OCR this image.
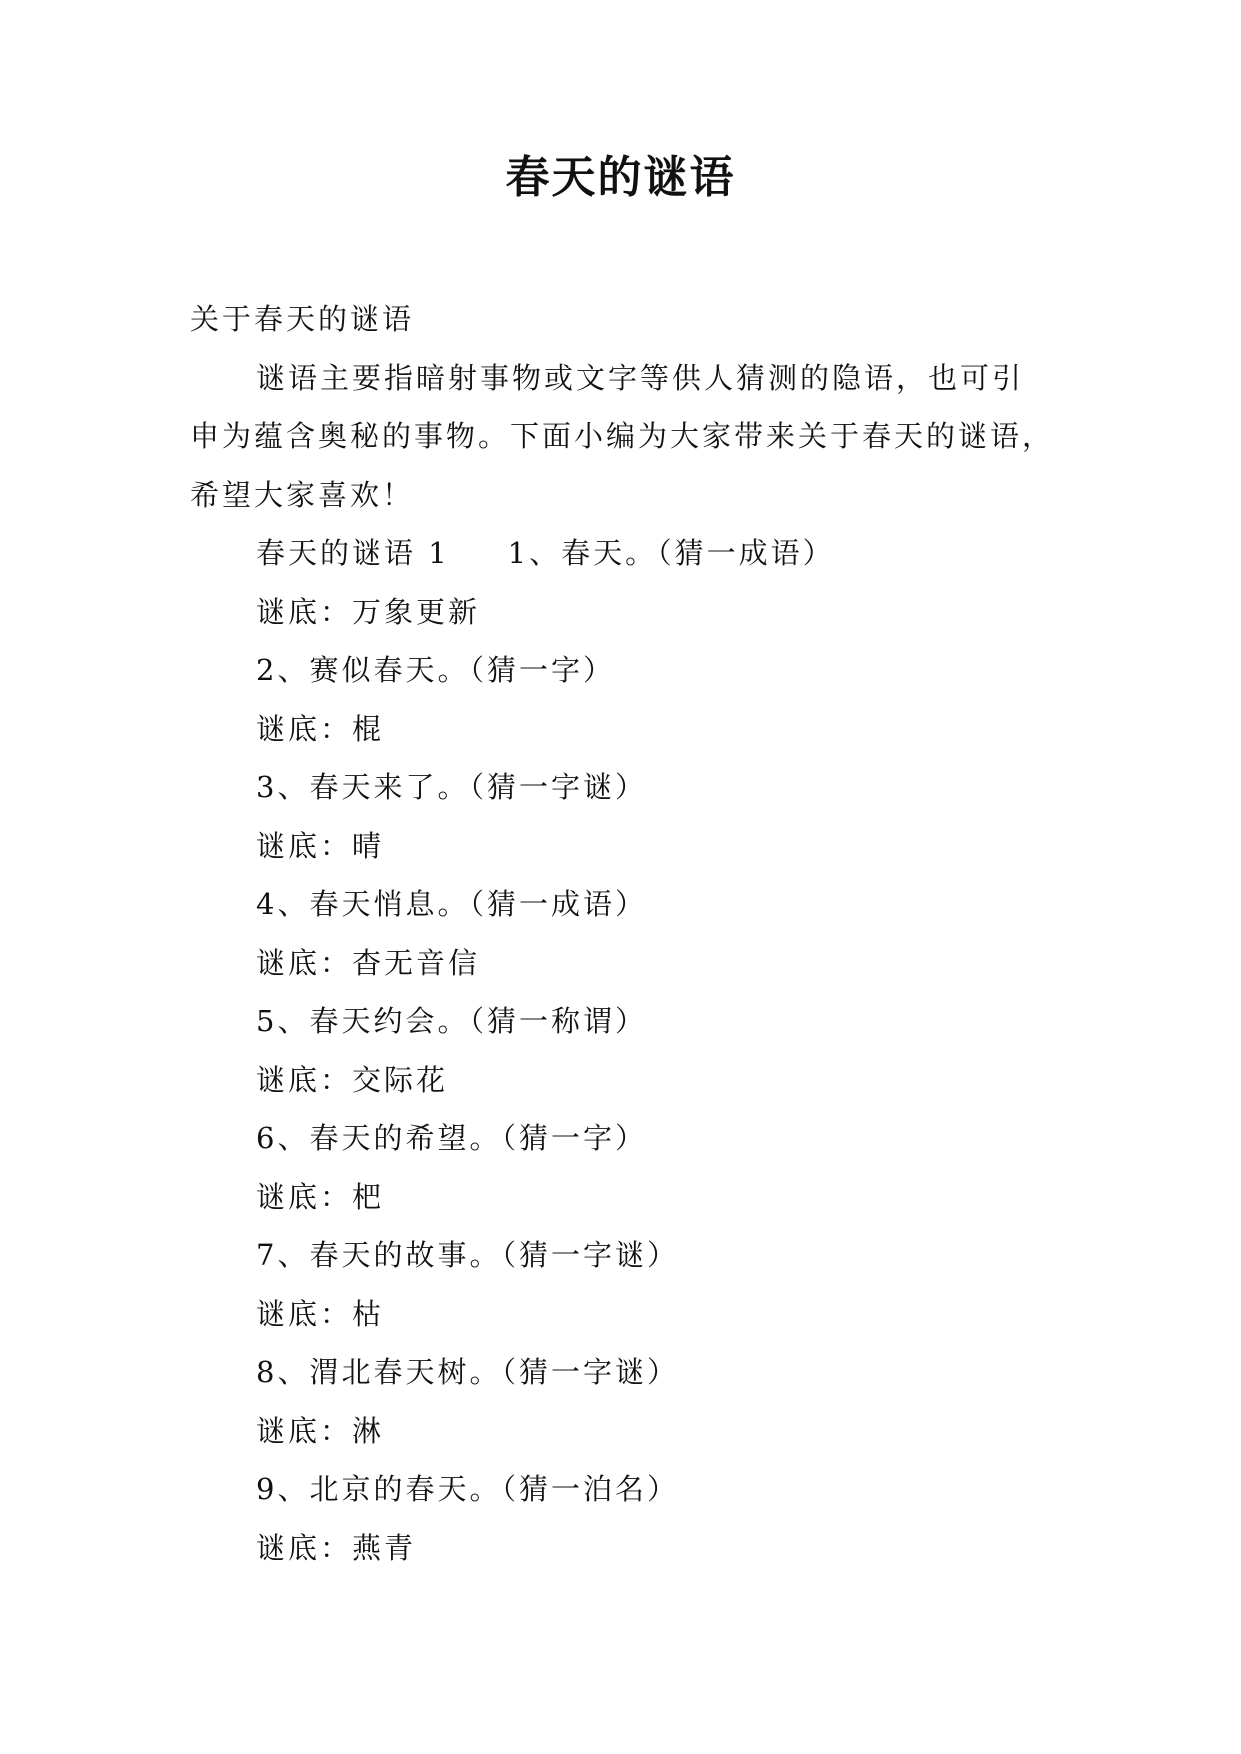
春天的谜语
关于春天的谜语
谜语主要指暗射事物或文字等供人猜测的隐语，也可引
申为蕴含奥秘的事物。下面小编为大家带来关于春天的谜语，
希望大家喜欢！
春天的谜语 1 1、春天。（猜一成语）
谜底：万象更新
2、赛似春天。（猜一字）
谜底：棍
3、春天来了。（猜一字谜）
谜底：晴
4、春天悄息。（猜一成语）
谜底：杳无音信
5、春天约会。（猜一称谓）
谜底：交际花
6、春天的希望。（猜一字）
谜底：杷
7、春天的故事。（猜一字谜）
谜底：枯
8、渭北春天树。（猜一字谜）
谜底：淋
9、北京的春天。（猜一泊名）
谜底：燕青
